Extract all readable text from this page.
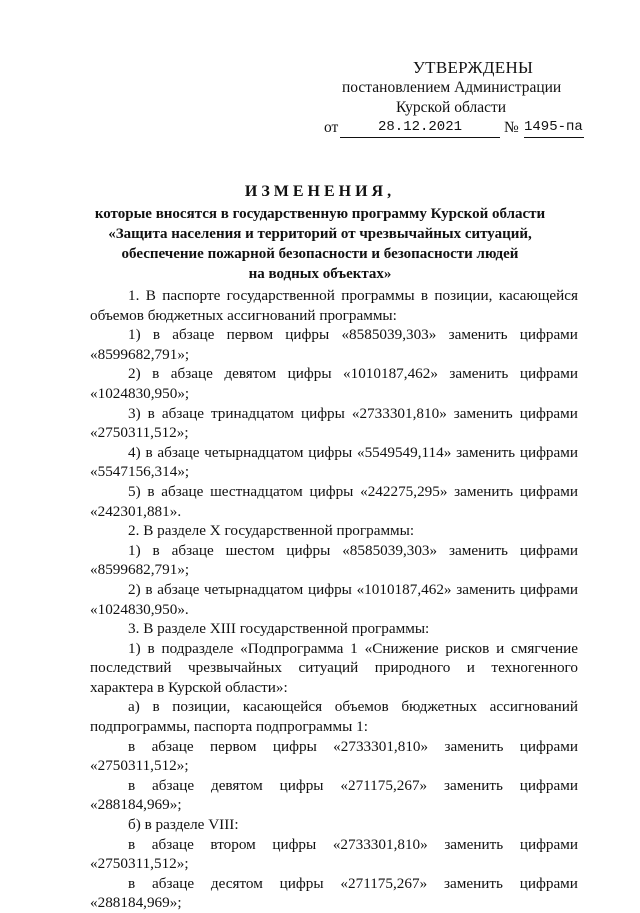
УТВЕРЖДЕНЫ
постановлением Администрации
Курской области
от	28.12.2021	№ 1495-па
ИЗМЕНЕНИЯ,
которые вносятся в государственную программу Курской области
«Защита населения и территорий от чрезвычайных ситуаций,
обеспечение пожарной безопасности и безопасности людей
на водных объектах»

1. В паспорте государственной программы в позиции, касающейся объемов бюджетных ассигнований программы:

1) в абзаце первом цифры «8585039,303» заменить цифрами

«8599682,791»;

2) в абзаце девятом цифры «1010187,462» заменить цифрами

«1024830,950»;

3) в абзаце тринадцатом цифры «2733301,810» заменить цифрами

«2750311,512»;

4) в абзаце четырнадцатом цифры «5549549,114» заменить цифрами

«5547156,314»;

5) в абзаце шестнадцатом цифры «242275,295» заменить цифрами

«242301,881».

2. В разделе X государственной программы:

1) в абзаце шестом цифры «8585039,303» заменить цифрами

«8599682,791»;

2) в абзаце четырнадцатом цифры «1010187,462» заменить цифрами

«1024830,950».

3. В разделе XIII государственной программы:

1) в подразделе «Подпрограмма 1 «Снижение рисков и смягчение последствий чрезвычайных ситуаций природного и техногенного характера в Курской области»:

а) в позиции, касающейся объемов бюджетных ассигнований подпрограммы, паспорта подпрограммы 1:

в абзаце первом цифры «2733301,810» заменить цифрами

«2750311,512»;

в абзаце девятом цифры «271175,267» заменить цифрами

«288184,969»;

б) в разделе VIII:

в абзаце втором цифры «2733301,810» заменить цифрами

«2750311,512»;

в абзаце десятом цифры «271175,267» заменить цифрами

«288184,969»;
